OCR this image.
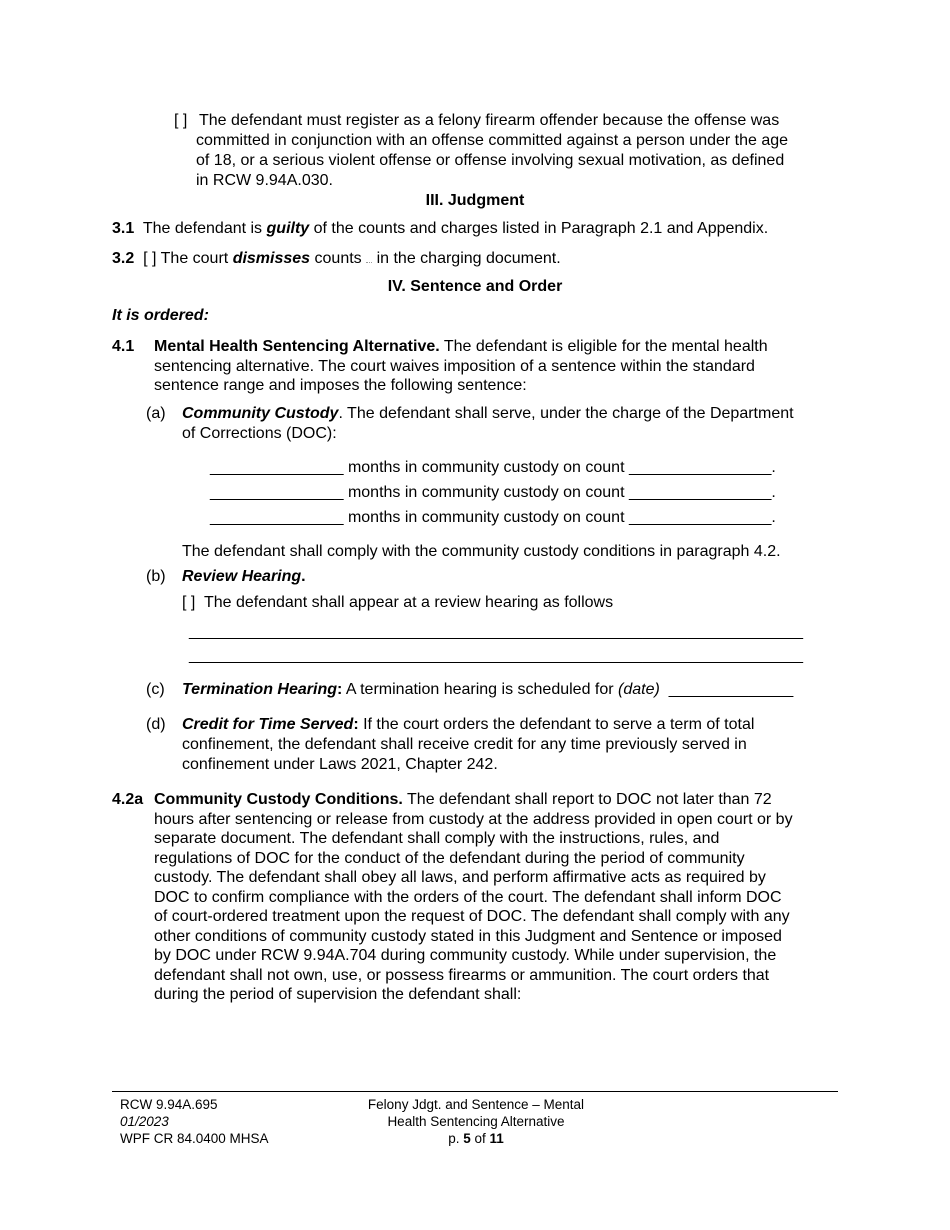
[ ] The defendant must register as a felony firearm offender because the offense was
committed in conjunction with an offense committed against a person under the age
of 18, or a serious violent offense or offense involving sexual motivation, as defined
in RCW 9.94A.030.
III. Judgment
3.1 The defendant is guilty of the counts and charges listed in Paragraph 2.1 and Appendix.
3.2 [ ] The court dismisses counts in the charging document.
IV. Sentence and Order
It is ordered:
4.1 Mental Health Sentencing Alternative. The defendant is eligible for the mental health
sentencing alternative. The court waives imposition of a sentence within the standard
sentence range and imposes the following sentence:
(a) Community Custody. The defendant shall serve, under the charge of the Department
of Corrections (DOC):
_______________ months in community custody on count ________________.
_______________ months in community custody on count ________________.
_______________ months in community custody on count ________________.
The defendant shall comply with the community custody conditions in paragraph 4.2.
(b) Review Hearing.
[ ] The defendant shall appear at a review hearing as follows
_____________________________________________________________________
_____________________________________________________________________
(c) Termination Hearing: A termination hearing is scheduled for (date) ______________
(d) Credit for Time Served: If the court orders the defendant to serve a term of total
confinement, the defendant shall receive credit for any time previously served in
confinement under Laws 2021, Chapter 242.
4.2a Community Custody Conditions. The defendant shall report to DOC not later than 72
hours after sentencing or release from custody at the address provided in open court or by
separate document. The defendant shall comply with the instructions, rules, and
regulations of DOC for the conduct of the defendant during the period of community
custody. The defendant shall obey all laws, and perform affirmative acts as required by
DOC to confirm compliance with the orders of the court. The defendant shall inform DOC
of court-ordered treatment upon the request of DOC. The defendant shall comply with any
other conditions of community custody stated in this Judgment and Sentence or imposed
by DOC under RCW 9.94A.704 during community custody. While under supervision, the
defendant shall not own, use, or possess firearms or ammunition. The court orders that
during the period of supervision the defendant shall:
RCW 9.94A.695
01/2023
WPF CR 84.0400 MHSA
Felony Jdgt. and Sentence – Mental
Health Sentencing Alternative
p. 5 of 11
